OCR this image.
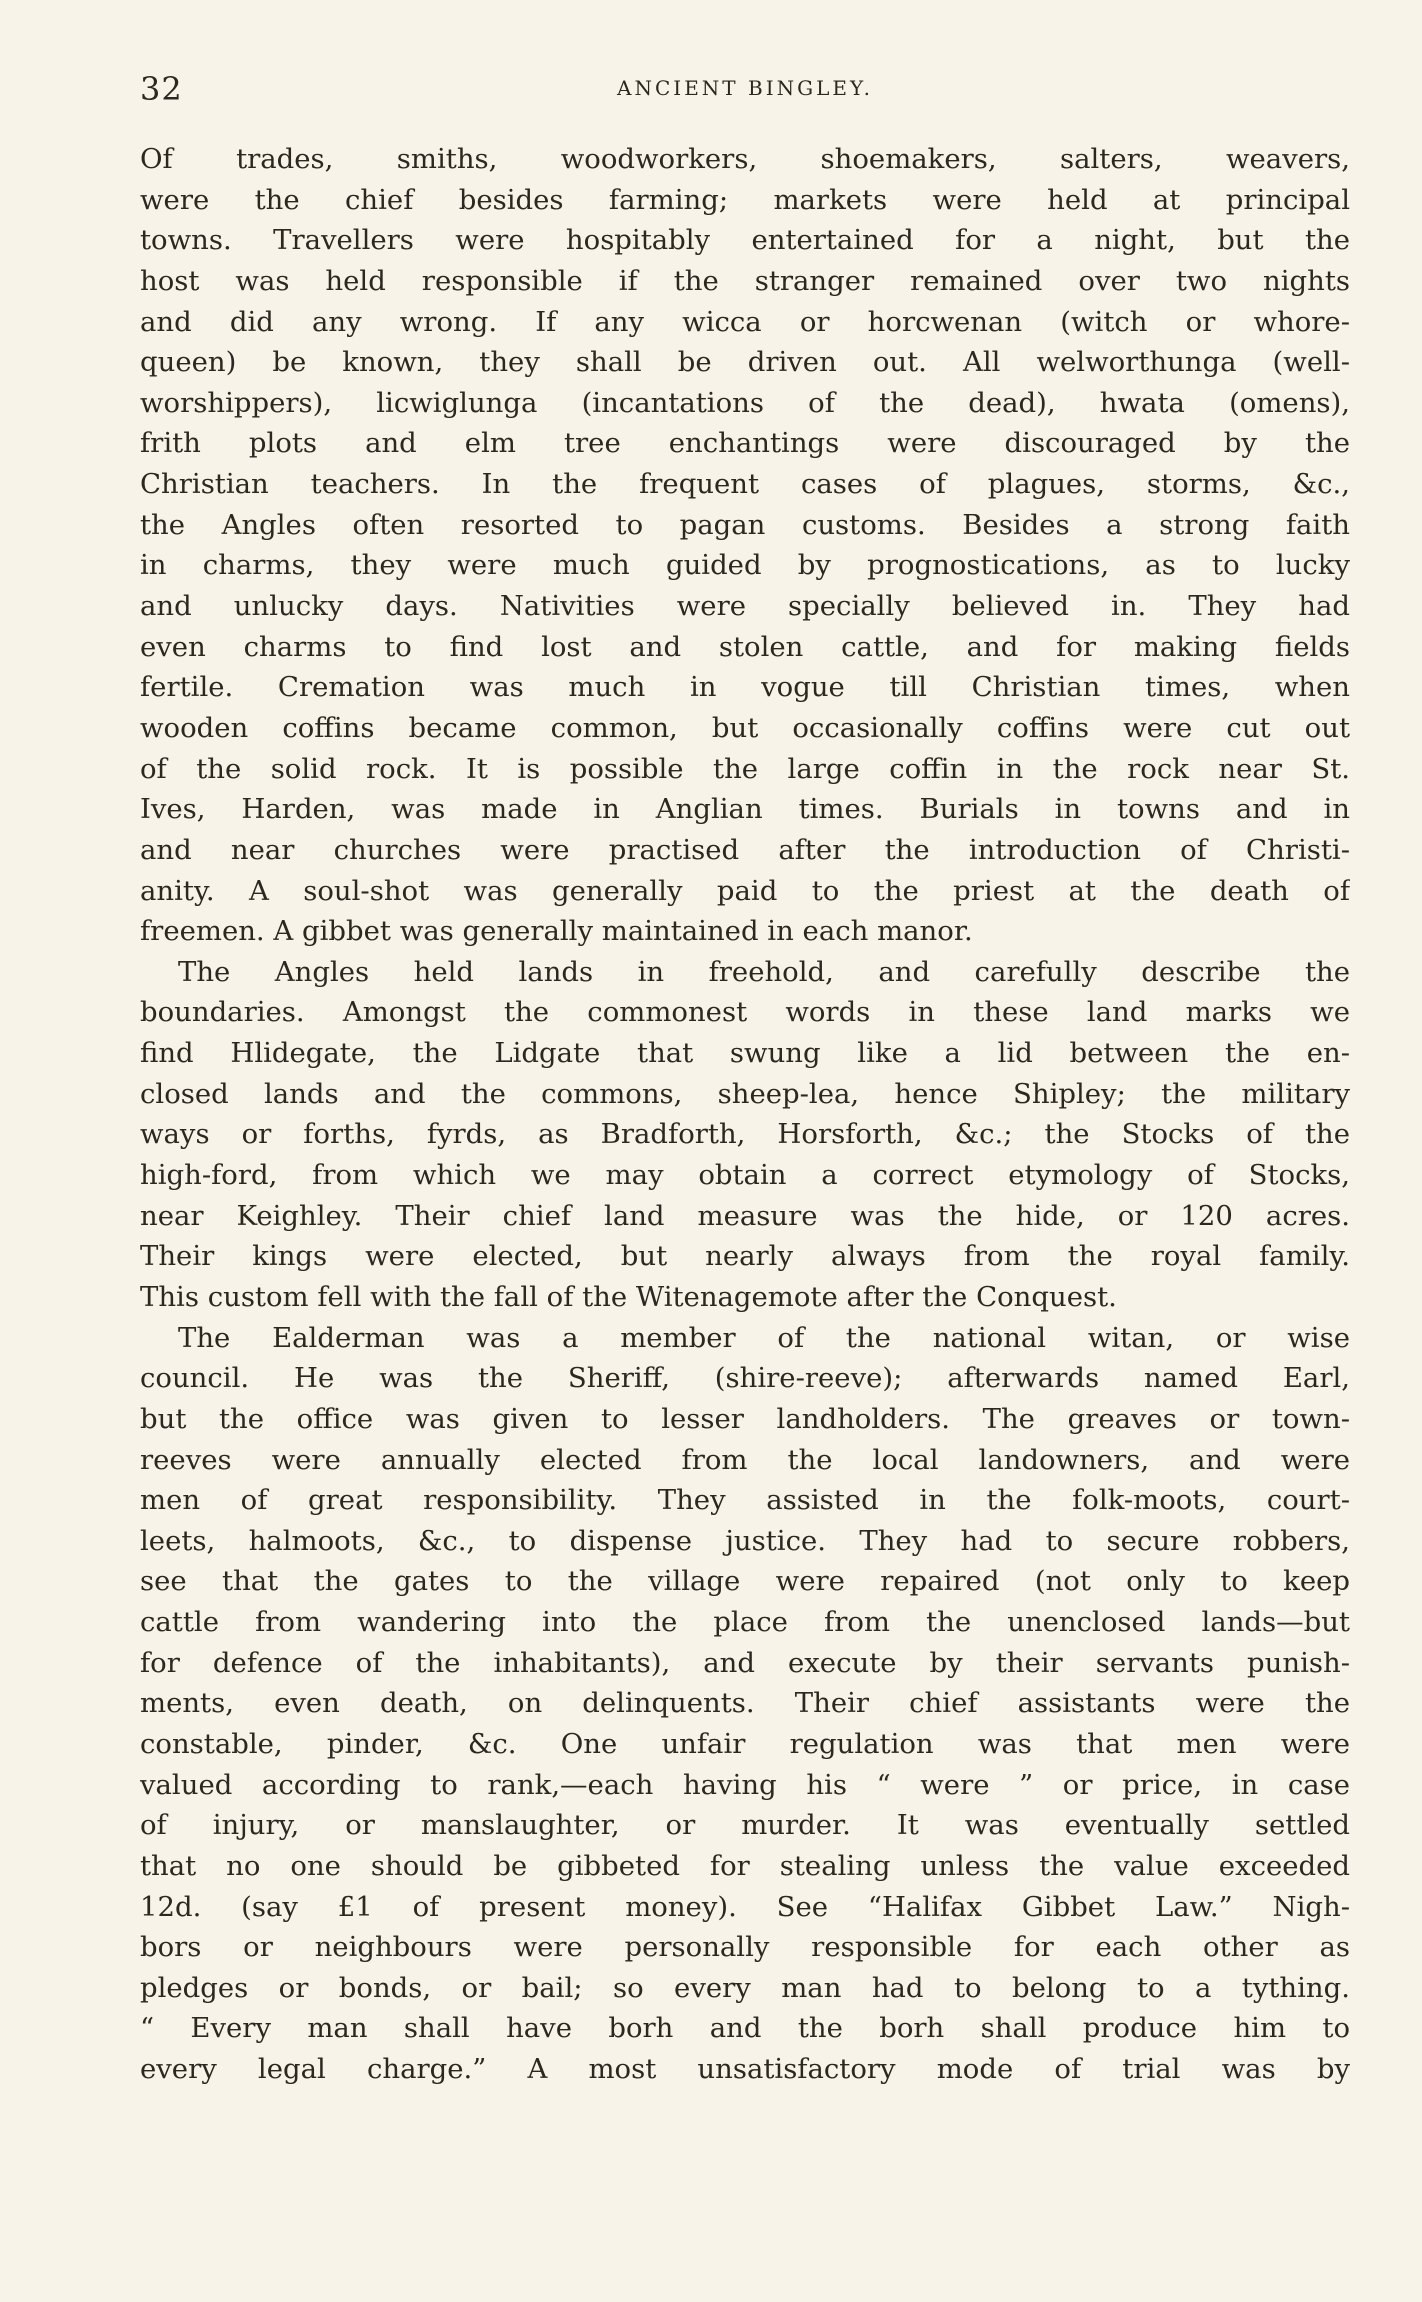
32	ANCIENT BINGLEY.
Of trades, smiths, woodworkers, shoemakers, salters, weavers,
were the chief besides farming; markets were held at principal
towns. Travellers were hospitably entertained for a night, but the
host was held responsible if the stranger remained over two nights
and did any wrong. If any wicca or horcwenan (witch or whore-
queen) be known, they shall be driven out. All welworthunga (well-
worshippers), licwiglunga (incantations of the dead), hwata (omens),
frith plots and elm tree enchantings were discouraged by the
Christian teachers. In the frequent cases of plagues, storms, &c.,
the Angles often resorted to pagan customs. Besides a strong faith
in charms, they were much guided by prognostications, as to lucky
and unlucky days. Nativities were specially believed in. They had
even charms to find lost and stolen cattle, and for making fields
fertile. Cremation was much in vogue till Christian times, when
wooden coffins became common, but occasionally coffins were cut out
of the solid rock. It is possible the large coffin in the rock near St.
Ives, Harden, was made in Anglian times. Burials in towns and in
and near churches were practised after the introduction of Christi-
anity. A soul-shot was generally paid to the priest at the death of
freemen. A gibbet was generally maintained in each manor.
The Angles held lands in freehold, and carefully describe the
boundaries. Amongst the commonest words in these land marks we
find Hlidegate, the Lidgate that swung like a lid between the en-
closed lands and the commons, sheep-lea, hence Shipley; the military
ways or forths, fyrds, as Bradforth, Horsforth, &c.; the Stocks of the
high-ford, from which we may obtain a correct etymology of Stocks,
near Keighley. Their chief land measure was the hide, or 120 acres.
Their kings were elected, but nearly always from the royal family.
This custom fell with the fall of the Witenagemote after the Conquest.
The Ealderman was a member of the national witan, or wise
council. He was the Sheriff, (shire-reeve); afterwards named Earl,
but the office was given to lesser landholders. The greaves or town-
reeves were annually elected from the local landowners, and were
men of great responsibility. They assisted in the folk-moots, court-
leets, halmoots, &c., to dispense justice. They had to secure robbers,
see that the gates to the village were repaired (not only to keep
cattle from wandering into the place from the unenclosed lands—but
for defence of the inhabitants), and execute by their servants punish-
ments, even death, on delinquents. Their chief assistants were the
constable, pinder, &c. One unfair regulation was that men were
valued according to rank,—each having his “ were ” or price, in case
of injury, or manslaughter, or murder. It was eventually settled
that no one should be gibbeted for stealing unless the value exceeded
12d. (say £1 of present money). See “Halifax Gibbet Law.” Nigh-
bors or neighbours were personally responsible for each other as
pledges or bonds, or bail; so every man had to belong to a tything.
“ Every man shall have borh and the borh shall produce him to
every legal charge.” A most unsatisfactory mode of trial was by
